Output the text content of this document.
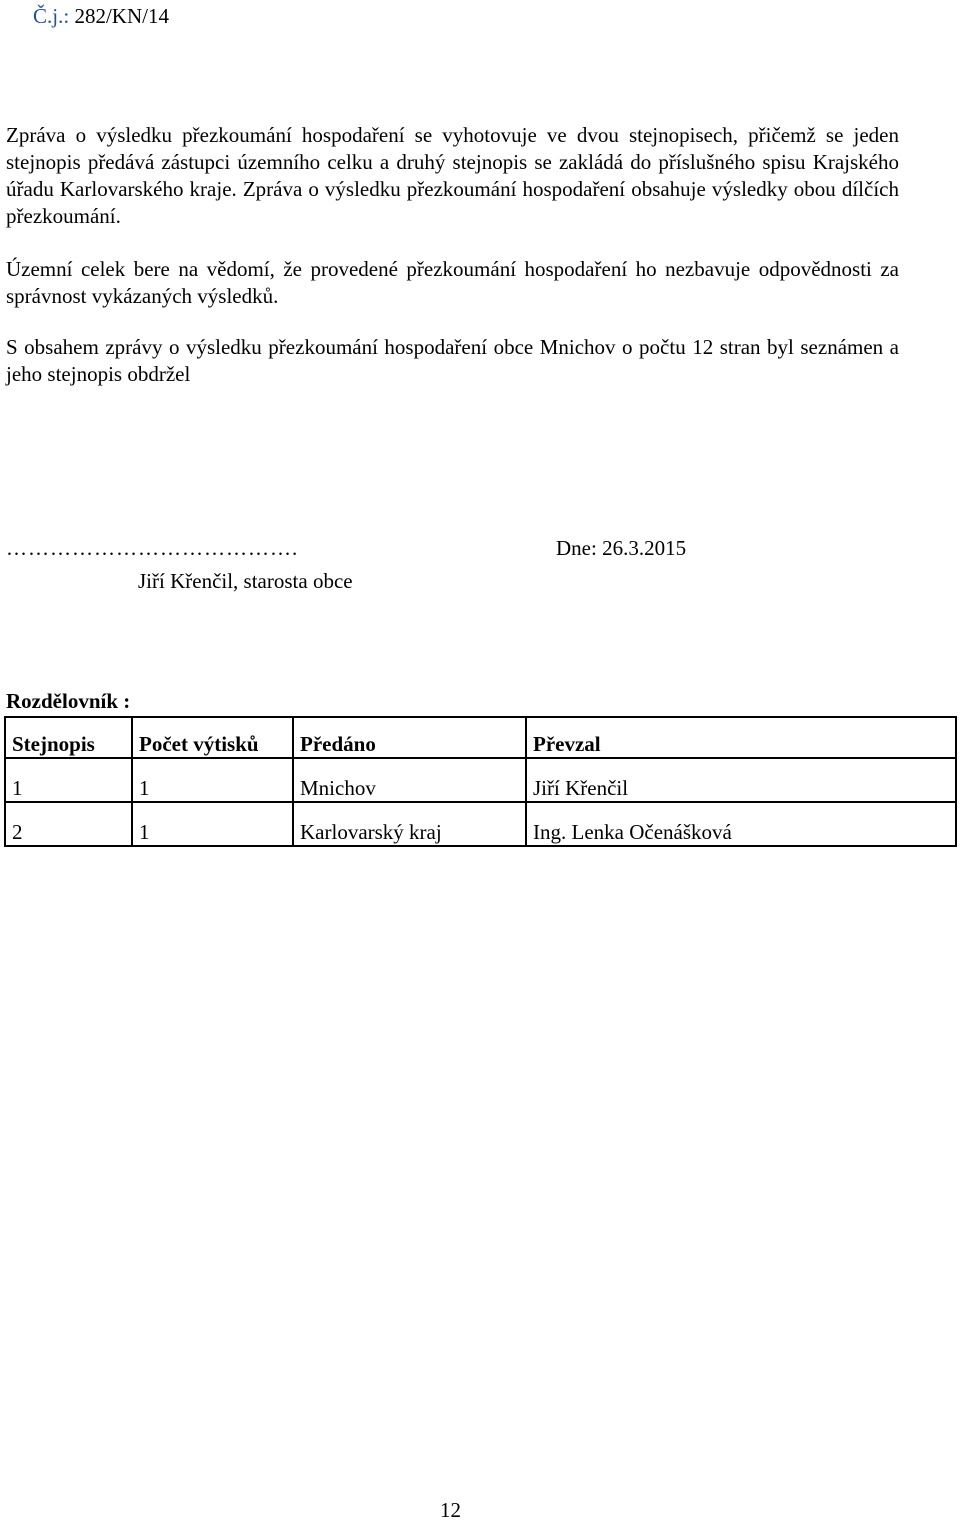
Č.j.: 282/KN/14

Zpráva o výsledku přezkoumání hospodaření se vyhotovuje ve dvou stejnopisech, přičemž se jeden stejnopis předává zástupci územního celku a druhý stejnopis se zakládá do příslušného spisu Krajského úřadu Karlovarského kraje. Zpráva o výsledku přezkoumání hospodaření obsahuje výsledky obou dílčích přezkoumání.

Územní celek bere na vědomí, že provedené přezkoumání hospodaření ho nezbavuje odpovědnosti za správnost vykázaných výsledků.

S obsahem zprávy o výsledku přezkoumání hospodaření obce Mnichov o počtu 12 stran byl seznámen a jeho stejnopis obdržel

………………………………….
Jiří Křenčil, starosta obce
Dne: 26.3.2015
Rozdělovník :
Stejnopis	Počet výtisků	Předáno	Převzal
1	1	Mnichov	Jiří Křenčil
2	1	Karlovarský kraj	Ing. Lenka Očenášková
12
